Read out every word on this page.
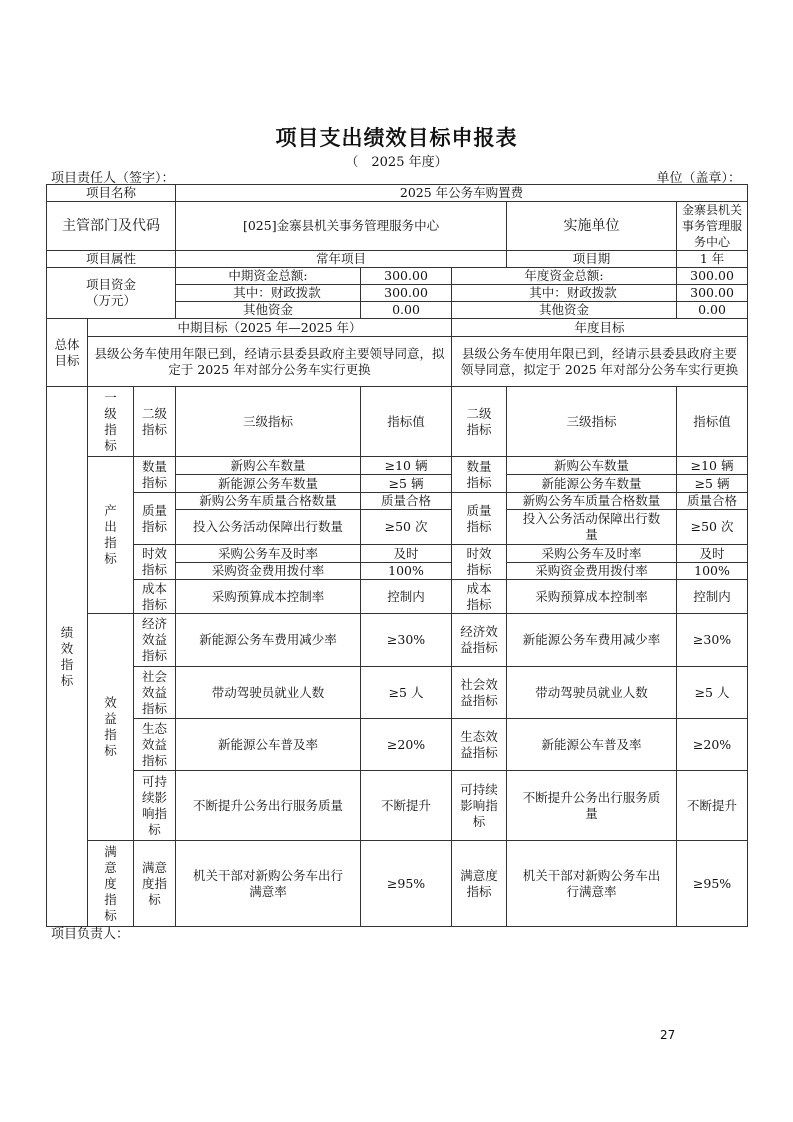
项目支出绩效目标申报表
（　2025 年度）
项目责任人（签字）：	单位（盖章）：
项目名称			2025 年公务车购置费				
主管部门及代码			[025]金寨县机关事务管理服务中心			实施单位	金寨县机关事务管理服务中心
项目属性			常年项目			项目期	1 年

项目资金
（万元）			中期资金总额:	300.00	年度资金总额:		300.00
			其中：财政拨款	300.00	其中：财政拨款		300.00
			其他资金	0.00	其他资金		0.00
总体目标	中期目标（2025 年—2025 年）				年度目标		
	县级公务车使用年限已到，经请示县委县政府主要领导同意，拟定于 2025 年对部分公务车实行更换				县级公务车使用年限已到，经请示县委县政府主要领导同意，拟定于 2025 年对部分公务车实行更换		
绩效指标	一级指标	二级指标	三级指标	指标值	二级指标	三级指标	指标值
	产出指标	数量指标	新购公车数量	≥10 辆	数量指标	新购公车数量	≥10 辆
			新能源公务车数量	≥5 辆		新能源公务车数量	≥5 辆
		质量指标	新购公务车质量合格数量	质量合格	质量指标	新购公务车质量合格数量	质量合格
			投入公务活动保障出行数量	≥50 次		投入公务活动保障出行数量	≥50 次
		时效指标	采购公务车及时率	及时	时效指标	采购公务车及时率	及时
			采购资金费用拨付率	100%		采购资金费用拨付率	100%
		成本指标	采购预算成本控制率	控制内	成本指标	采购预算成本控制率	控制内
	效益指标	经济效益指标	新能源公务车费用减少率	≥30%	经济效益指标	新能源公务车费用减少率	≥30%
		社会效益指标	带动驾驶员就业人数	≥5 人	社会效益指标	带动驾驶员就业人数	≥5 人
		生态效益指标	新能源公车普及率	≥20%	生态效益指标	新能源公车普及率	≥20%
		可持续影响指标	不断提升公务出行服务质量	不断提升	可持续影响指标	不断提升公务出行服务质量	不断提升
	满意度指标	满意度指标	机关干部对新购公务车出行满意率	≥95%	满意度指标	机关干部对新购公务车出行满意率	≥95%
项目负责人：
27
